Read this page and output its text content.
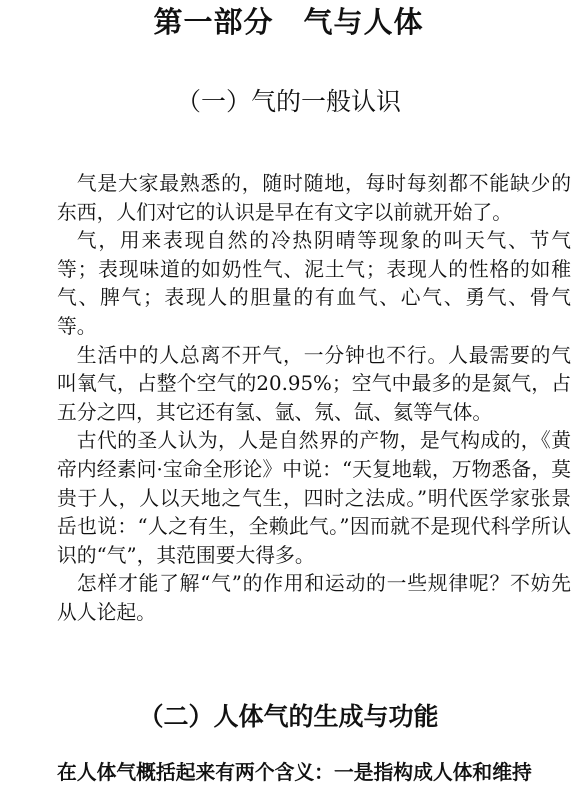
第一部分　气与人体
（一）气的一般认识

气是大家最熟悉的，随时随地，每时每刻都不能缺少的东西，人们对它的认识是早在有文字以前就开始了。

气，用来表现自然的冷热阴晴等现象的叫天气、节气等；表现味道的如奶性气、泥土气；表现人的性格的如稚气、脾气；表现人的胆量的有血气、心气、勇气、骨气等。

生活中的人总离不开气，一分钟也不行。人最需要的气叫氧气，占整个空气的20.95%；空气中最多的是氮气，占五分之四，其它还有氢、氩、氖、氙、氦等气体。

古代的圣人认为，人是自然界的产物，是气构成的，《黄帝内经素问·宝命全形论》中说：“天复地载，万物悉备，莫贵于人，人以天地之气生，四时之法成。”明代医学家张景岳也说：“人之有生，全赖此气。”因而就不是现代科学所认识的“气”，其范围要大得多。

怎样才能了解“气”的作用和运动的一些规律呢？不妨先从人论起。

（二）人体气的生成与功能

在人体气概括起来有两个含义：一是指构成人体和维持
